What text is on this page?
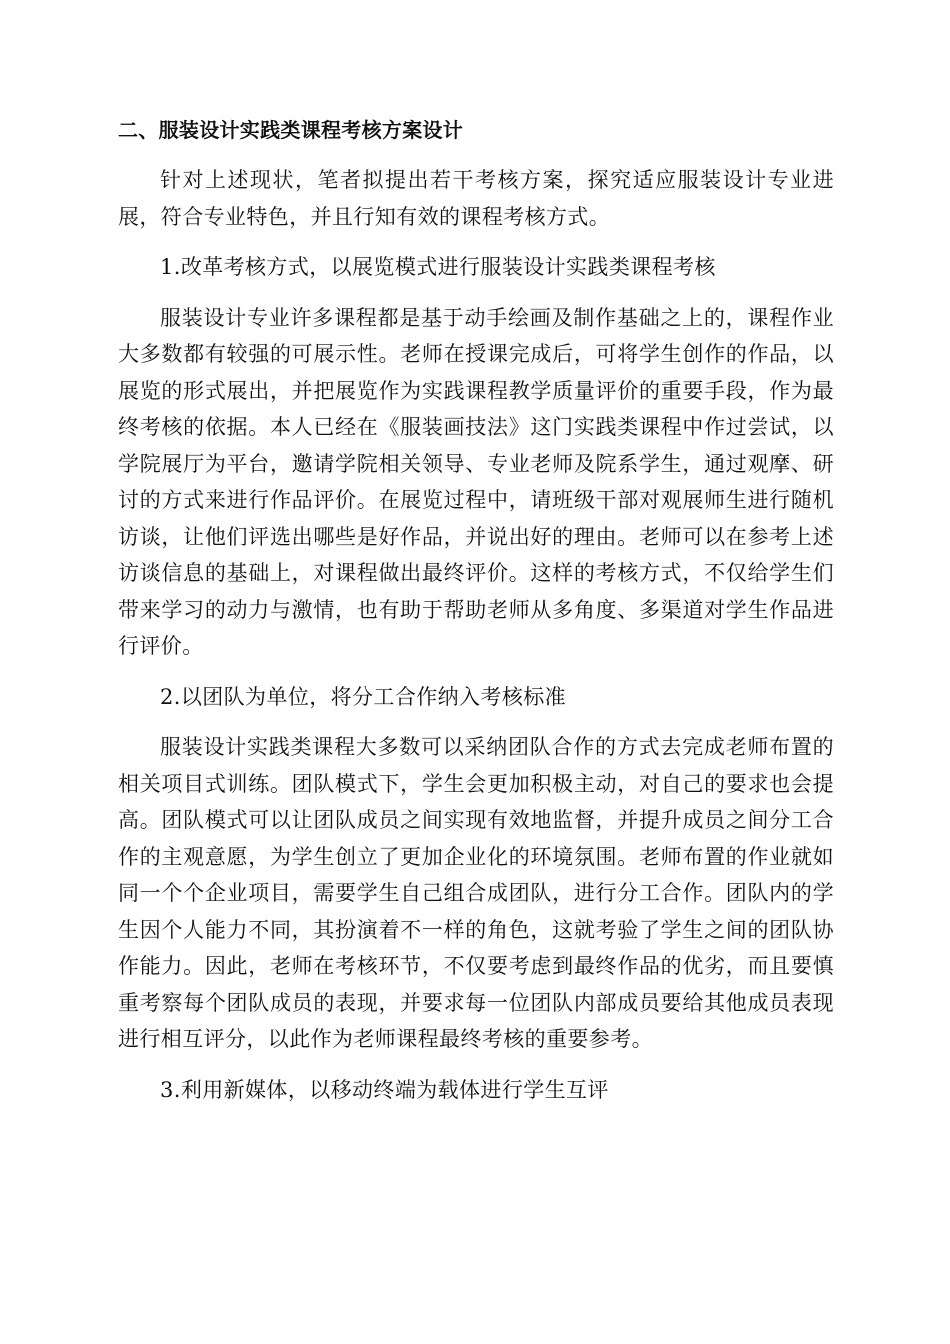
二、服装设计实践类课程考核方案设计

针对上述现状，笔者拟提出若干考核方案，探究适应服装设计专业进展，符合专业特色，并且行知有效的课程考核方式。

1.改革考核方式，以展览模式进行服装设计实践类课程考核

服装设计专业许多课程都是基于动手绘画及制作基础之上的，课程作业大多数都有较强的可展示性。老师在授课完成后，可将学生创作的作品，以展览的形式展出，并把展览作为实践课程教学质量评价的重要手段，作为最终考核的依据。本人已经在《服装画技法》这门实践类课程中作过尝试，以学院展厅为平台，邀请学院相关领导、专业老师及院系学生，通过观摩、研讨的方式来进行作品评价。在展览过程中，请班级干部对观展师生进行随机访谈，让他们评选出哪些是好作品，并说出好的理由。老师可以在参考上述访谈信息的基础上，对课程做出最终评价。这样的考核方式，不仅给学生们带来学习的动力与激情，也有助于帮助老师从多角度、多渠道对学生作品进行评价。

2.以团队为单位，将分工合作纳入考核标准

服装设计实践类课程大多数可以采纳团队合作的方式去完成老师布置的相关项目式训练。团队模式下，学生会更加积极主动，对自己的要求也会提高。团队模式可以让团队成员之间实现有效地监督，并提升成员之间分工合作的主观意愿，为学生创立了更加企业化的环境氛围。老师布置的作业就如同一个个企业项目，需要学生自己组合成团队，进行分工合作。团队内的学生因个人能力不同，其扮演着不一样的角色，这就考验了学生之间的团队协作能力。因此，老师在考核环节，不仅要考虑到最终作品的优劣，而且要慎重考察每个团队成员的表现，并要求每一位团队内部成员要给其他成员表现进行相互评分，以此作为老师课程最终考核的重要参考。

3.利用新媒体，以移动终端为载体进行学生互评
